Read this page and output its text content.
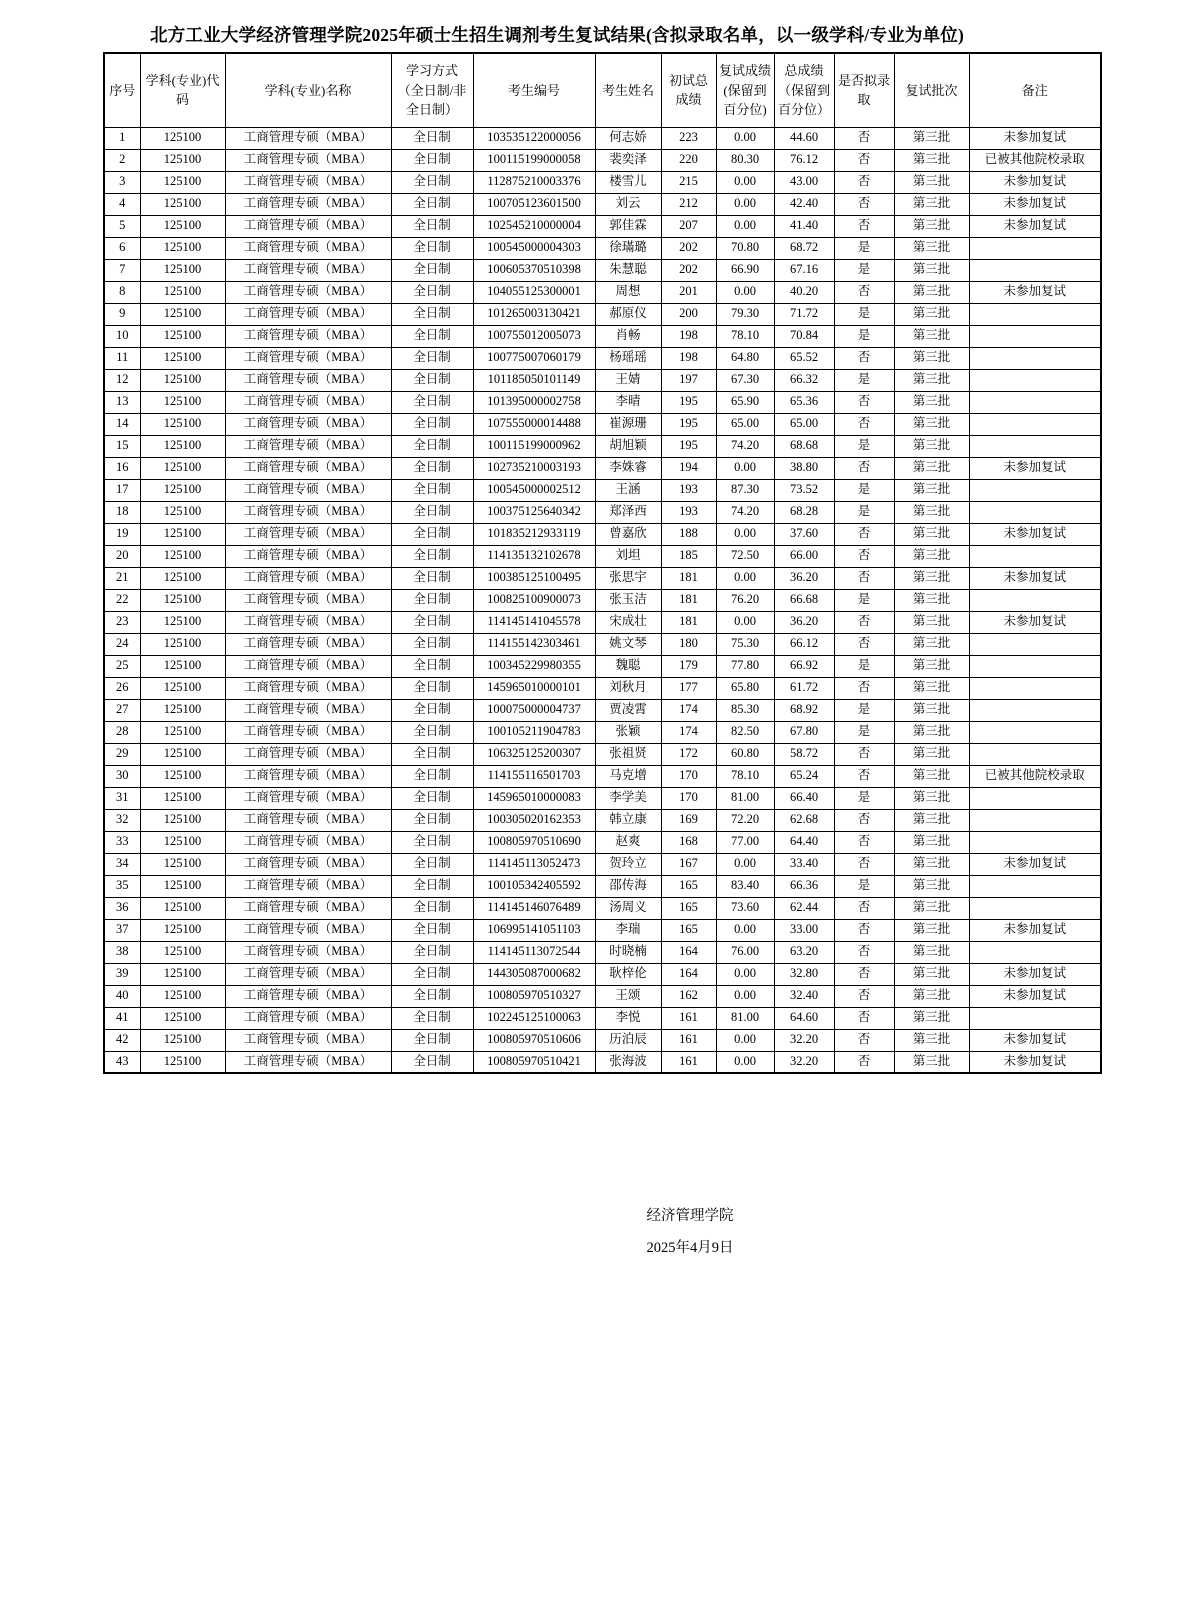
北方工业大学经济管理学院2025年硕士生招生调剂考生复试结果(含拟录取名单，以一级学科/专业为单位)
序号	学科(专业)代码	学科(专业)名称	学习方式（全日制/非全日制）	考生编号	考生姓名	初试总成绩	复试成绩(保留到百分位)	总成绩（保留到百分位）	是否拟录取	复试批次	备注
1	125100	工商管理专硕（MBA）	全日制	103535122000056	何志娇	223	0.00	44.60	否	第三批	未参加复试
2	125100	工商管理专硕（MBA）	全日制	100115199000058	裴奕泽	220	80.30	76.12	否	第三批	已被其他院校录取
3	125100	工商管理专硕（MBA）	全日制	112875210003376	楼雪儿	215	0.00	43.00	否	第三批	未参加复试
4	125100	工商管理专硕（MBA）	全日制	100705123601500	刘云	212	0.00	42.40	否	第三批	未参加复试
5	125100	工商管理专硕（MBA）	全日制	102545210000004	郭佳霖	207	0.00	41.40	否	第三批	未参加复试
6	125100	工商管理专硕（MBA）	全日制	100545000004303	徐璊璐	202	70.80	68.72	是	第三批	
7	125100	工商管理专硕（MBA）	全日制	100605370510398	朱慧聪	202	66.90	67.16	是	第三批	
8	125100	工商管理专硕（MBA）	全日制	104055125300001	周想	201	0.00	40.20	否	第三批	未参加复试
9	125100	工商管理专硕（MBA）	全日制	101265003130421	郝原仪	200	79.30	71.72	是	第三批	
10	125100	工商管理专硕（MBA）	全日制	100755012005073	肖畅	198	78.10	70.84	是	第三批	
11	125100	工商管理专硕（MBA）	全日制	100775007060179	杨瑶瑶	198	64.80	65.52	否	第三批	
12	125100	工商管理专硕（MBA）	全日制	101185050101149	王婧	197	67.30	66.32	是	第三批	
13	125100	工商管理专硕（MBA）	全日制	101395000002758	李晴	195	65.90	65.36	否	第三批	
14	125100	工商管理专硕（MBA）	全日制	107555000014488	崔源珊	195	65.00	65.00	否	第三批	
15	125100	工商管理专硕（MBA）	全日制	100115199000962	胡旭颖	195	74.20	68.68	是	第三批	
16	125100	工商管理专硕（MBA）	全日制	102735210003193	李姝睿	194	0.00	38.80	否	第三批	未参加复试
17	125100	工商管理专硕（MBA）	全日制	100545000002512	王涵	193	87.30	73.52	是	第三批	
18	125100	工商管理专硕（MBA）	全日制	100375125640342	郑泽西	193	74.20	68.28	是	第三批	
19	125100	工商管理专硕（MBA）	全日制	101835212933119	曾嘉欣	188	0.00	37.60	否	第三批	未参加复试
20	125100	工商管理专硕（MBA）	全日制	114135132102678	刘坦	185	72.50	66.00	否	第三批	
21	125100	工商管理专硕（MBA）	全日制	100385125100495	张思宇	181	0.00	36.20	否	第三批	未参加复试
22	125100	工商管理专硕（MBA）	全日制	100825100900073	张玉洁	181	76.20	66.68	是	第三批	
23	125100	工商管理专硕（MBA）	全日制	114145141045578	宋成壮	181	0.00	36.20	否	第三批	未参加复试
24	125100	工商管理专硕（MBA）	全日制	114155142303461	姚文琴	180	75.30	66.12	否	第三批	
25	125100	工商管理专硕（MBA）	全日制	100345229980355	魏聪	179	77.80	66.92	是	第三批	
26	125100	工商管理专硕（MBA）	全日制	145965010000101	刘秋月	177	65.80	61.72	否	第三批	
27	125100	工商管理专硕（MBA）	全日制	100075000004737	贾凌霄	174	85.30	68.92	是	第三批	
28	125100	工商管理专硕（MBA）	全日制	100105211904783	张颖	174	82.50	67.80	是	第三批	
29	125100	工商管理专硕（MBA）	全日制	106325125200307	张祖贤	172	60.80	58.72	否	第三批	
30	125100	工商管理专硕（MBA）	全日制	114155116501703	马克增	170	78.10	65.24	否	第三批	已被其他院校录取
31	125100	工商管理专硕（MBA）	全日制	145965010000083	李学美	170	81.00	66.40	是	第三批	
32	125100	工商管理专硕（MBA）	全日制	100305020162353	韩立康	169	72.20	62.68	否	第三批	
33	125100	工商管理专硕（MBA）	全日制	100805970510690	赵爽	168	77.00	64.40	否	第三批	
34	125100	工商管理专硕（MBA）	全日制	114145113052473	贺玲立	167	0.00	33.40	否	第三批	未参加复试
35	125100	工商管理专硕（MBA）	全日制	100105342405592	邵传海	165	83.40	66.36	是	第三批	
36	125100	工商管理专硕（MBA）	全日制	114145146076489	汤周义	165	73.60	62.44	否	第三批	
37	125100	工商管理专硕（MBA）	全日制	106995141051103	李瑞	165	0.00	33.00	否	第三批	未参加复试
38	125100	工商管理专硕（MBA）	全日制	114145113072544	时晓楠	164	76.00	63.20	否	第三批	
39	125100	工商管理专硕（MBA）	全日制	144305087000682	耿梓伦	164	0.00	32.80	否	第三批	未参加复试
40	125100	工商管理专硕（MBA）	全日制	100805970510327	王颂	162	0.00	32.40	否	第三批	未参加复试
41	125100	工商管理专硕（MBA）	全日制	102245125100063	李悦	161	81.00	64.60	否	第三批	
42	125100	工商管理专硕（MBA）	全日制	100805970510606	历泊辰	161	0.00	32.20	否	第三批	未参加复试
43	125100	工商管理专硕（MBA）	全日制	100805970510421	张海波	161	0.00	32.20	否	第三批	未参加复试
经济管理学院
2025年4月9日
